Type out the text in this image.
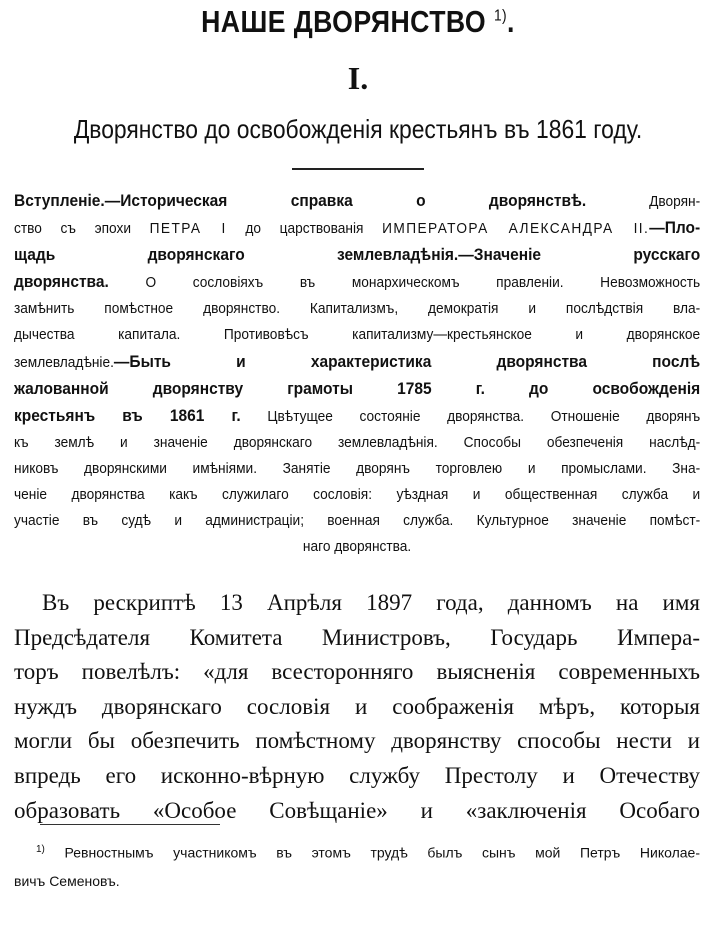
НАШЕ ДВОРЯНСТВО $^{1)}$.
I.
Дворянство до освобожденія крестьянъ въ 1861 году.
Вступленіе.—Историческая справка о дворянствѣ. Дворян-
ство съ эпохи ПЕТРА I до царствованія ИМПЕРАТОРА АЛЕКСАНДРА II.—Пло-
щадь дворянскаго землевладѣнія.—Значеніе русскаго
дворянства. О сословіяхъ въ монархическомъ правленіи. Невозможность
замѣнить помѣстное дворянство. Капитализмъ, демократія и послѣдствія вла-
дычества капитала. Противовѣсъ капитализму—крестьянское и дворянское
землевладѣніе.—Быть и характеристика дворянства послѣ
жалованной дворянству грамоты 1785 г. до освобожденія
крестьянъ въ 1861 г. Цвѣтущее состояніе дворянства. Отношеніе дворянъ
къ землѣ и значеніе дворянскаго землевладѣнія. Способы обезпеченія наслѣд-
никовъ дворянскими имѣніями. Занятіе дворянъ торговлею и промыслами. Зна-
ченіе дворянства какъ служилаго сословія: уѣздная и общественная служба и
участіе въ судѣ и администраціи; военная служба. Культурное значеніе помѣст-
наго дворянства.
Въ рескриптѣ 13 Апрѣля 1897 года, данномъ на имя
Предсѣдателя Комитета Министровъ, Государь Импера-
торъ повелѣлъ: «для всесторонняго выясненія современныхъ
нуждъ дворянскаго сословія и соображенія мѣръ, которыя
могли бы обезпечить помѣстному дворянству способы нести и
впредь его исконно-вѣрную службу Престолу и Отечеству
образовать «Особое Совѣщаніе» и «заключенія Особаго
$^{1)}$ Ревностнымъ участникомъ въ этомъ трудѣ былъ сынъ мой Петръ Николае-
вичъ Семеновъ.
